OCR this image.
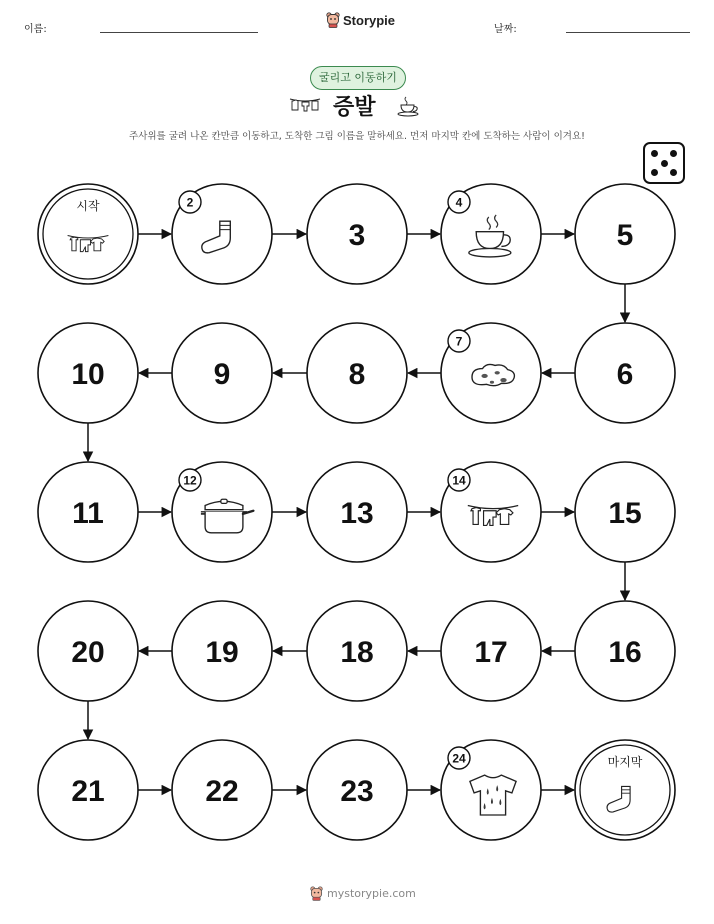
이름:
Storypie
날짜:
굴리고 이동하기
증발
주사위를 굴려 나온 칸만큼 이동하고, 도착한 그림 이름을 말하세요. 먼저 마지막 칸에 도착하는 사람이 이겨요!
시작	2
3
4
5
6
7
8
9
10
11
12
13
14
15
16
17
18
19
20
21	22	23
24	마지막
mystorypie.com
